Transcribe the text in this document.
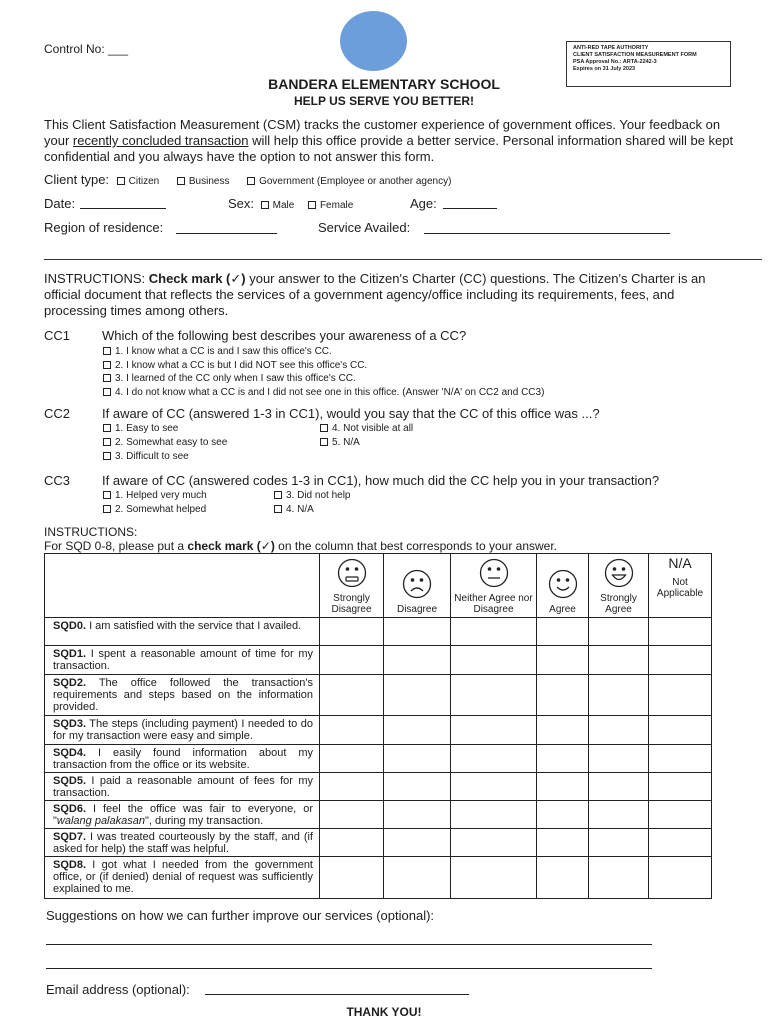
Control No: ___	ANTI-RED TAPE AUTHORITY
CLIENT SATISFACTION MEASUREMENT FORM
PSA Approval No.: ARTA-2242-3
Expires on 31 July 2023
BANDERA ELEMENTARY SCHOOL
HELP US SERVE YOU BETTER!
This Client Satisfaction Measurement (CSM) tracks the customer experience of government offices. Your feedback on your recently concluded transaction will help this office provide a better service. Personal information shared will be kept confidential and you always have the option to not answer this form.
Client type: Citizen	Business	Government (Employee or another agency)
Date:	Sex: Male	Female	Age:
Region of residence:	Service Availed:
INSTRUCTIONS: Check mark (✓) your answer to the Citizen's Charter (CC) questions. The Citizen's Charter is an official document that reflects the services of a government agency/office including its requirements, fees, and processing times among others.
CC1 Which of the following best describes your awareness of a CC?
1. I know what a CC is and I saw this office's CC.
2. I know what a CC is but I did NOT see this office's CC.
3. I learned of the CC only when I saw this office's CC.
4. I do not know what a CC is and I did not see one in this office. (Answer 'N/A' on CC2 and CC3)
CC2 If aware of CC (answered 1-3 in CC1), would you say that the CC of this office was ...?
1. Easy to see	4. Not visible at all
2. Somewhat easy to see	5. N/A
3. Difficult to see
CC3 If aware of CC (answered codes 1-3 in CC1), how much did the CC help you in your transaction?
1. Helped very much	3. Did not help
2. Somewhat helped	4. N/A
INSTRUCTIONS:
For SQD 0-8, please put a check mark (✓) on the column that best corresponds to your answer.

Strongly Disagree	Disagree	Neither Agree nor Disagree	Agree	Strongly Agree	N/A
Not Applicable
SQD0. I am satisfied with the service that I availed.						
SQD1. I spent a reasonable amount of time for my transaction.						
SQD2. The office followed the transaction's requirements and steps based on the information provided.						
SQD3. The steps (including payment) I needed to do for my transaction were easy and simple.						
SQD4. I easily found information about my transaction from the office or its website.						
SQD5. I paid a reasonable amount of fees for my transaction.						
SQD6. I feel the office was fair to everyone, or "walang palakasan", during my transaction.						
SQD7. I was treated courteously by the staff, and (if asked for help) the staff was helpful.						
SQD8. I got what I needed from the government office, or (if denied) denial of request was sufficiently explained to me.						
Suggestions on how we can further improve our services (optional):
Email address (optional):
THANK YOU!
